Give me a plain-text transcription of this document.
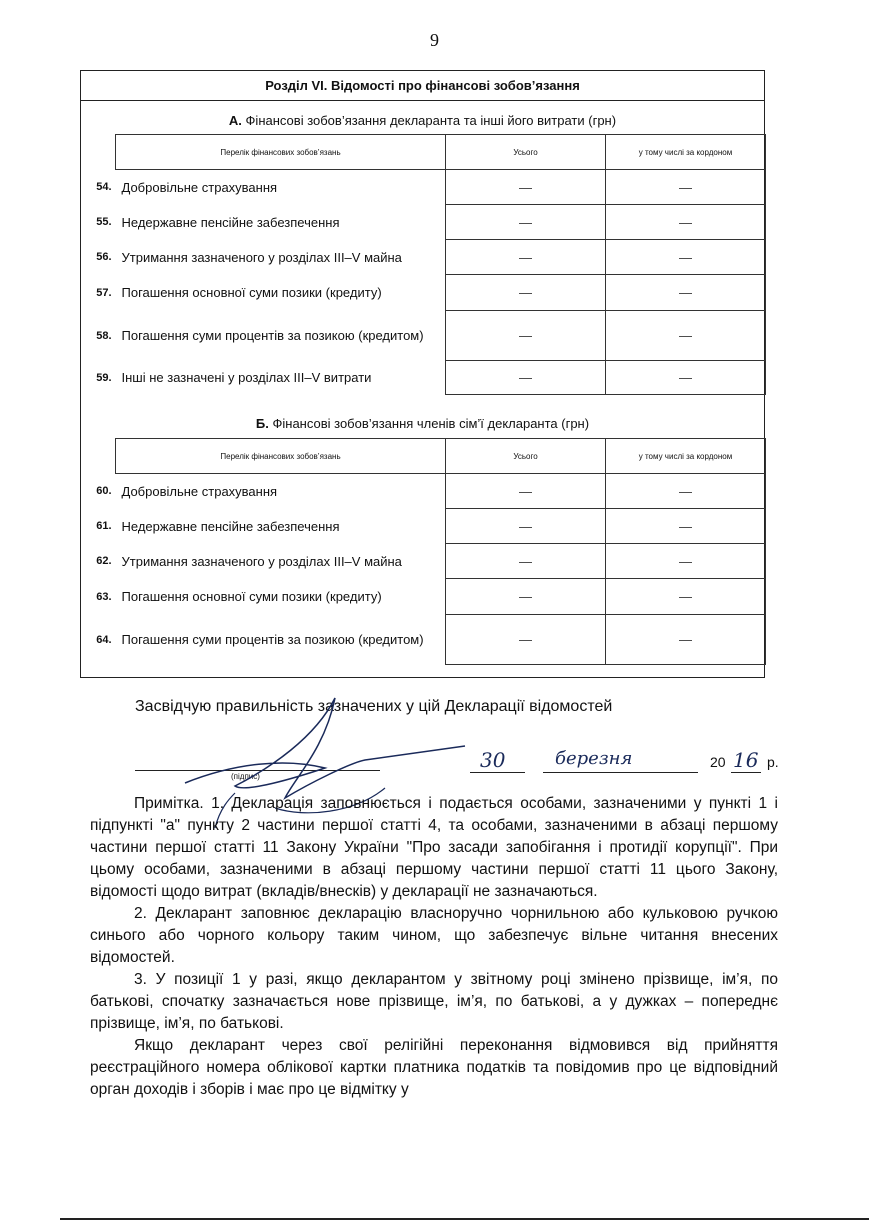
9
Розділ VI. Відомості про фінансові зобов’язання
А. Фінансові зобов’язання декларанта та інші його витрати (грн)
Перелік фінансових зобов’язань	Усього	у тому числі за кордоном

54. Добровільне страхування	—	—

55. Недержавне пенсійне забезпечення	—	—

56. Утримання зазначеного у розділах III–V майна	—	—

57. Погашення основної суми позики (кредиту)	—	—

58. Погашення суми процентів за позикою (кредитом)	—	—

59. Інші не зазначені у розділах III–V витрати	—	—
Б. Фінансові зобов’язання членів сім’ї декларанта (грн)
Перелік фінансових зобов’язань	Усього	у тому числі за кордоном

60. Добровільне страхування	—	—

61. Недержавне пенсійне забезпечення	—	—

62. Утримання зазначеного у розділах III–V майна	—	—

63. Погашення основної суми позики (кредиту)	—	—

64. Погашення суми процентів за позикою (кредитом)	—	—
Засвідчую правильність зазначених у цій Декларації відомостей
(підпис)
30	березня	20 16 р.

Примітка. 1. Декларація заповнюється і подається особами, зазначеними у пункті 1 і підпункті "а" пункту 2 частини першої статті 4, та особами, зазначеними в абзаці першому частини першої статті 11 Закону України "Про засади запобігання і протидії корупції". При цьому особами, зазначеними в абзаці першому частини першої статті 11 цього Закону, відомості щодо витрат (вкладів/внесків) у декларації не зазначаються.

2. Декларант заповнює декларацію власноручно чорнильною або кульковою ручкою синього або чорного кольору таким чином, що забезпечує вільне читання внесених відомостей.

3. У позиції 1 у разі, якщо декларантом у звітному році змінено прізвище, ім’я, по батькові, спочатку зазначається нове прізвище, ім’я, по батькові, а у дужках – попереднє прізвище, ім’я, по батькові.

Якщо декларант через свої релігійні переконання відмовився від прийняття реєстраційного номера облікової картки платника податків та повідомив про це відповідний орган доходів і зборів і має про це відмітку у
